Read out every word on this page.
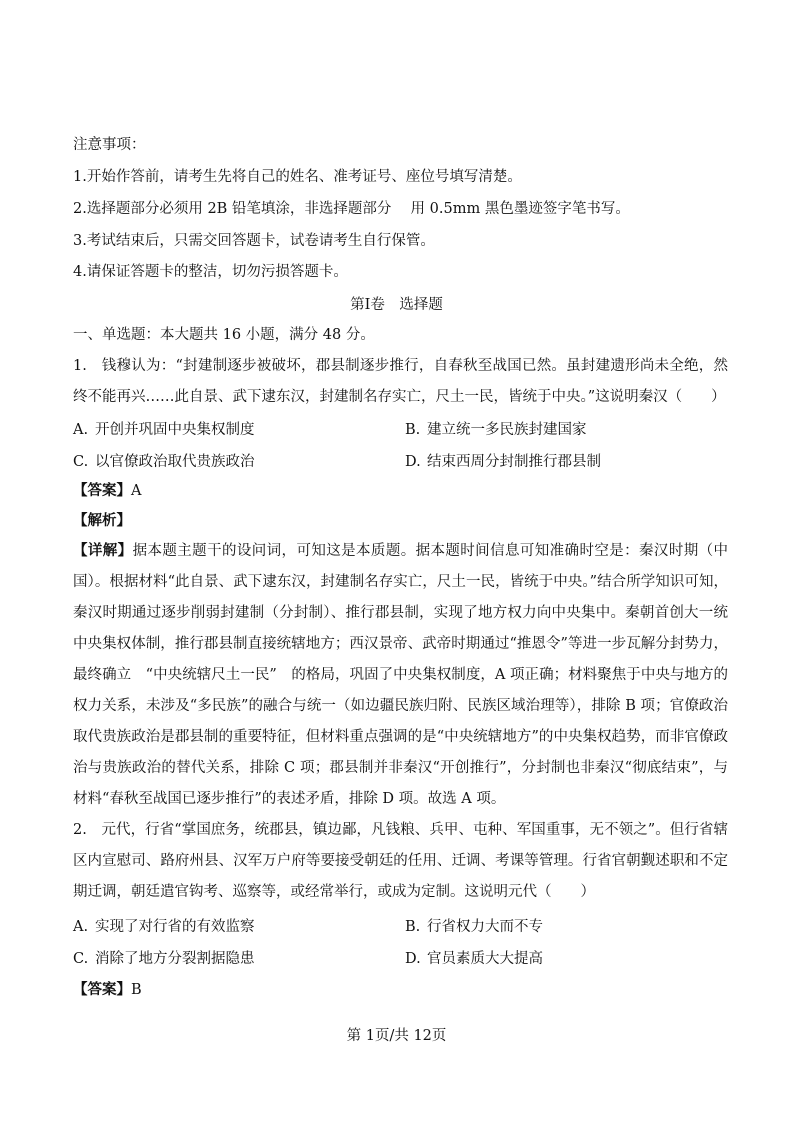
注意事项：
1.开始作答前，请考生先将自己的姓名、准考证号、座位号填写清楚。
2.选择题部分必须用 2B 铅笔填涂，非选择题部分　 用 0.5mm 黑色墨迹签字笔书写。
3.考试结束后，只需交回答题卡，试卷请考生自行保管。
4.请保证答题卡的整洁，切勿污损答题卡。
第Ⅰ卷　选择题
一、单选题：本大题共 16 小题，满分 48 分。
1.　钱穆认为：“封建制逐步被破坏，郡县制逐步推行，自春秋至战国已然。虽封建遗形尚未全绝，然终不能再兴……此自景、武下逮东汉，封建制名存实亡，尺土一民，皆统于中央。”这说明秦汉（　　）
A. 开创并巩固中央集权制度	B. 建立统一多民族封建国家
C. 以官僚政治取代贵族政治	D. 结束西周分封制推行郡县制
【答案】A
【解析】
【详解】据本题主题干的设问词，可知这是本质题。据本题时间信息可知准确时空是：秦汉时期（中国）。根据材料“此自景、武下逮东汉，封建制名存实亡，尺土一民，皆统于中央。”结合所学知识可知，秦汉时期通过逐步削弱封建制（分封制）、推行郡县制，实现了地方权力向中央集中。秦朝首创大一统中央集权体制，推行郡县制直接统辖地方；西汉景帝、武帝时期通过“推恩令”等进一步瓦解分封势力，最终确立　“中央统辖尺土一民”　的格局，巩固了中央集权制度，A 项正确；材料聚焦于中央与地方的权力关系，未涉及“多民族”的融合与统一（如边疆民族归附、民族区域治理等），排除 B 项；官僚政治取代贵族政治是郡县制的重要特征，但材料重点强调的是“中央统辖地方”的中央集权趋势，而非官僚政治与贵族政治的替代关系，排除 C 项；郡县制并非秦汉“开创推行”，分封制也非秦汉“彻底结束”，与材料“春秋至战国已逐步推行”的表述矛盾，排除 D 项。故选 A 项。
2.　元代，行省“掌国庶务，统郡县，镇边鄙，凡钱粮、兵甲、屯种、军国重事，无不领之”。但行省辖区内宣慰司、路府州县、汉军万户府等要接受朝廷的任用、迁调、考课等管理。行省官朝觐述职和不定期迁调，朝廷遣官钩考、巡察等，或经常举行，或成为定制。这说明元代（　　）
A. 实现了对行省的有效监察	B. 行省权力大而不专
C. 消除了地方分裂割据隐患	D. 官员素质大大提高
【答案】B
第 1页/共 12页
